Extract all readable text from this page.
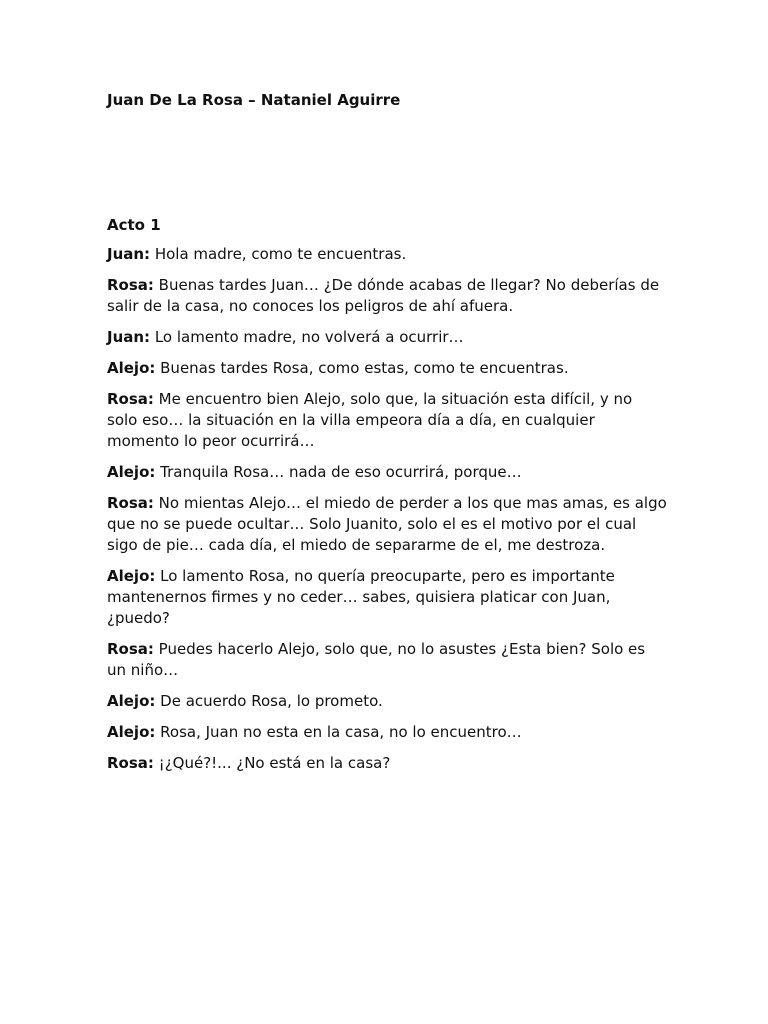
Juan De La Rosa – Nataniel Aguirre
Acto 1

Juan: Hola madre, como te encuentras.

Rosa: Buenas tardes Juan… ¿De dónde acabas de llegar? No deberías de salir de la casa, no conoces los peligros de ahí afuera.

Juan: Lo lamento madre, no volverá a ocurrir…

Alejo: Buenas tardes Rosa, como estas, como te encuentras.

Rosa: Me encuentro bien Alejo, solo que, la situación esta difícil, y no solo eso… la situación en la villa empeora día a día, en cualquier momento lo peor ocurrirá…

Alejo: Tranquila Rosa… nada de eso ocurrirá, porque…

Rosa: No mientas Alejo… el miedo de perder a los que mas amas, es algo que no se puede ocultar… Solo Juanito, solo el es el motivo por el cual sigo de pie… cada día, el miedo de separarme de el, me destroza.

Alejo: Lo lamento Rosa, no quería preocuparte, pero es importante mantenernos firmes y no ceder… sabes, quisiera platicar con Juan, ¿puedo?

Rosa: Puedes hacerlo Alejo, solo que, no lo asustes ¿Esta bien? Solo es un niño…

Alejo: De acuerdo Rosa, lo prometo.

Alejo: Rosa, Juan no esta en la casa, no lo encuentro…

Rosa: ¡¿Qué?!... ¿No está en la casa?
